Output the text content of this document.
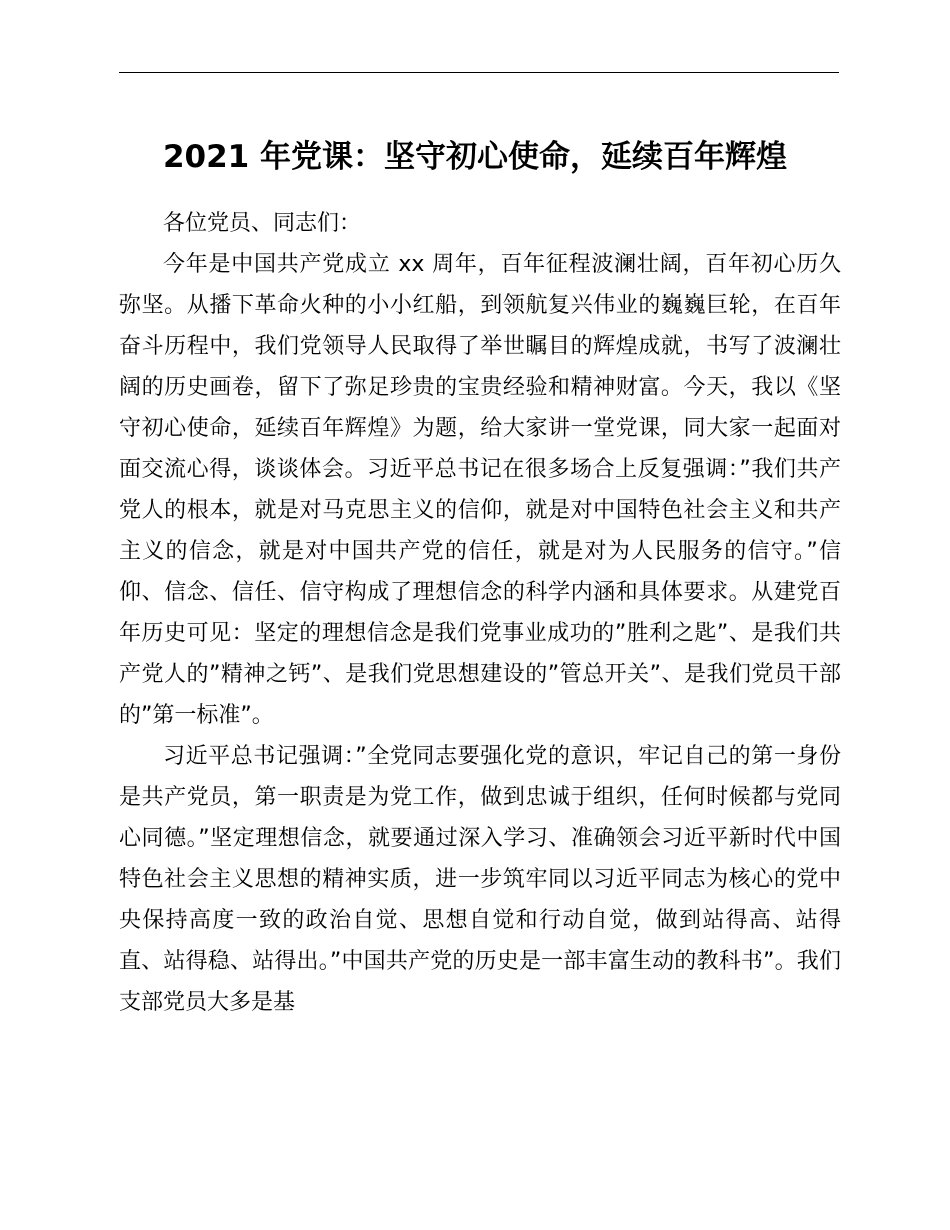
2021 年党课：坚守初心使命，延续百年辉煌

各位党员、同志们：

今年是中国共产党成立 xx 周年，百年征程波澜壮阔，百年初心历久弥坚。从播下革命火种的小小红船，到领航复兴伟业的巍巍巨轮，在百年奋斗历程中，我们党领导人民取得了举世瞩目的辉煌成就，书写了波澜壮阔的历史画卷，留下了弥足珍贵的宝贵经验和精神财富。今天，我以《坚守初心使命，延续百年辉煌》为题，给大家讲一堂党课，同大家一起面对面交流心得，谈谈体会。习近平总书记在很多场合上反复强调：”我们共产党人的根本，就是对马克思主义的信仰，就是对中国特色社会主义和共产主义的信念，就是对中国共产党的信任，就是对为人民服务的信守。”信仰、信念、信任、信守构成了理想信念的科学内涵和具体要求。从建党百年历史可见：坚定的理想信念是我们党事业成功的”胜利之匙”、是我们共产党人的”精神之钙”、是我们党思想建设的”管总开关”、是我们党员干部的”第一标准”。

习近平总书记强调：”全党同志要强化党的意识，牢记自己的第一身份是共产党员，第一职责是为党工作，做到忠诚于组织，任何时候都与党同心同德。”坚定理想信念，就要通过深入学习、准确领会习近平新时代中国特色社会主义思想的精神实质，进一步筑牢同以习近平同志为核心的党中央保持高度一致的政治自觉、思想自觉和行动自觉，做到站得高、站得直、站得稳、站得出。”中国共产党的历史是一部丰富生动的教科书”。我们支部党员大多是基
